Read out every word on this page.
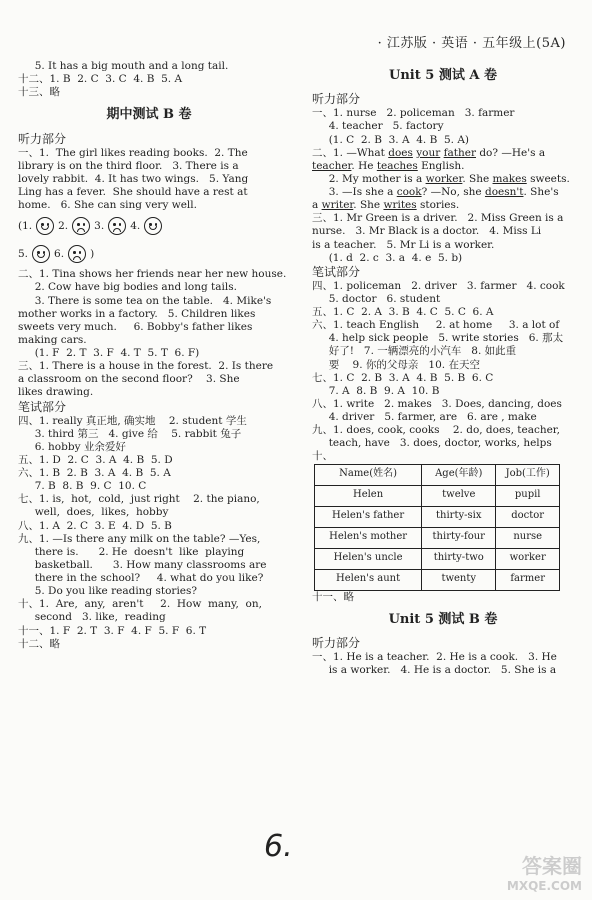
· 江苏版 · 英语 · 五年级上(5A)
5. It has a big mouth and a long tail.
十二、1. B  2. C  3. C  4. B  5. A
十三、略
期中测试 B 卷
听力部分
一、1.  The girl likes reading books.  2. The
library is on the third floor.   3. There is a
lovely rabbit.  4. It has two wings.   5. Yang
Ling has a fever.  She should have a rest at
home.   6. She can sing very well.
(1. 2. 3. 4.
5. 6. )
二、1. Tina shows her friends near her new house.
2. Cow have big bodies and long tails.
3. There is some tea on the table.   4. Mike's
mother works in a factory.   5. Children likes
sweets very much.     6. Bobby's father likes
making cars.
(1. F  2. T  3. F  4. T  5. T  6. F)
三、1. There is a house in the forest.  2. Is there
a classroom on the second floor?    3. She
likes drawing.
笔试部分
四、1. really 真正地, 确实地    2. student 学生
3. third 第三   4. give 给    5. rabbit 兔子
6. hobby 业余爱好
五、1. D  2. C  3. A  4. B  5. D
六、1. B  2. B  3. A  4. B  5. A
7. B  8. B  9. C  10. C
七、1. is,  hot,  cold,  just right    2. the piano,
well,  does,  likes,  hobby
八、1. A  2. C  3. E  4. D  5. B
九、1. —Is there any milk on the table? —Yes,
there is.      2. He  doesn't  like  playing
basketball.      3. How many classrooms are
there in the school?     4. what do you like?
5. Do you like reading stories?
十、1.  Are,  any,  aren't     2.  How  many,  on,
second   3. like,  reading
十一、1. F  2. T  3. F  4. F  5. F  6. T
十二、略
Unit 5 测试 A 卷
听力部分
一、1. nurse   2. policeman   3. farmer
4. teacher   5. factory
(1. C  2. B  3. A  4. B  5. A)
二、1. —What does your father do? —He's a
teacher. He teaches English.
2. My mother is a worker. She makes sweets.
3. —Is she a cook? —No, she doesn't. She's
a writer. She writes stories.
三、1. Mr Green is a driver.   2. Miss Green is a
nurse.   3. Mr Black is a doctor.   4. Miss Li
is a teacher.   5. Mr Li is a worker.
(1. d  2. c  3. a  4. e  5. b)
笔试部分
四、1. policeman   2. driver   3. farmer   4. cook
5. doctor   6. student
五、1. C  2. A  3. B  4. C  5. C  6. A
六、1. teach English     2. at home     3. a lot of
4. help sick people   5. write stories   6. 那太
好了!   7. 一辆漂亮的小汽车   8. 如此重
要    9. 你的父母亲   10. 在天空
七、1. C  2. B  3. A  4. B  5. B  6. C
7. A  8. B  9. A  10. B
八、1. write   2. makes   3. Does, dancing, does
4. driver   5. farmer, are   6. are , make
九、1. does, cook, cooks    2. do, does, teacher,
teach, have   3. does, doctor, works, helps
十、
Name(姓名)	Age(年龄)	Job(工作)
Helen	twelve	pupil
Helen's father	thirty-six	doctor
Helen's mother	thirty-four	nurse
Helen's uncle	thirty-two	worker
Helen's aunt	twenty	farmer
十一、略
Unit 5 测试 B 卷
听力部分
一、1. He is a teacher.  2. He is a cook.   3. He
is a worker.   4. He is a doctor.   5. She is a
6.
答案圈
MXQE.COM
